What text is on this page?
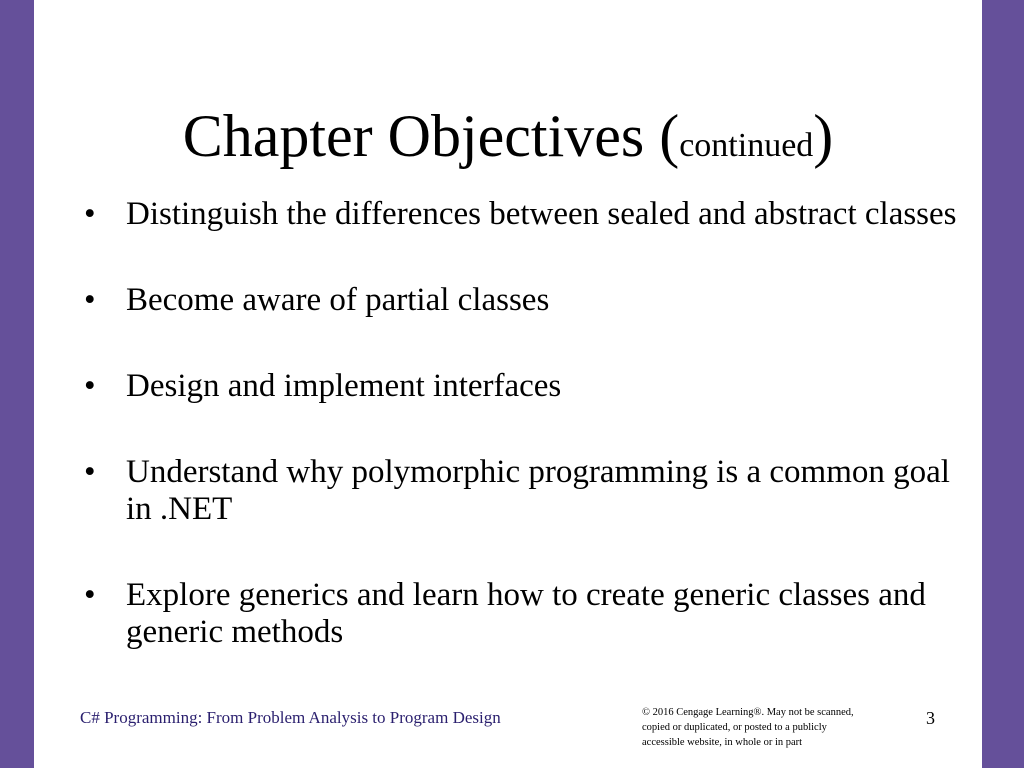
Chapter Objectives (continued)
• Distinguish the differences between sealed and abstract classes
• Become aware of partial classes
• Design and implement interfaces
• Understand why polymorphic programming is a common goal in .NET
• Explore generics and learn how to create generic classes and generic methods
C# Programming: From Problem Analysis to Program Design	© 2016 Cengage Learning®. May not be scanned,
copied or duplicated, or posted to a publicly
accessible website, in whole or in part
3
